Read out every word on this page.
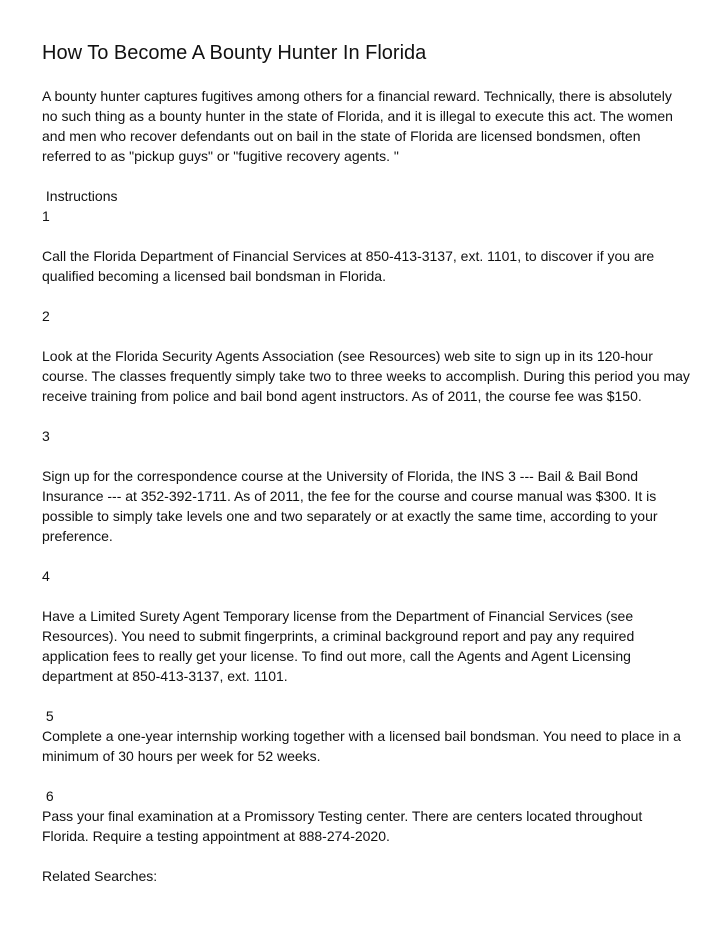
How To Become A Bounty Hunter In Florida

A bounty hunter captures fugitives among others for a financial reward. Technically, there is absolutely no such thing as a bounty hunter in the state of Florida, and it is illegal to execute this act. The women and men who recover defendants out on bail in the state of Florida are licensed bondsmen, often referred to as "pickup guys" or "fugitive recovery agents. "

Instructions
1

Call the Florida Department of Financial Services at 850-413-3137, ext. 1101, to discover if you are qualified becoming a licensed bail bondsman in Florida.

2

Look at the Florida Security Agents Association (see Resources) web site to sign up in its 120-hour course. The classes frequently simply take two to three weeks to accomplish. During this period you may receive training from police and bail bond agent instructors. As of 2011, the course fee was $150.

3

Sign up for the correspondence course at the University of Florida, the INS 3 --- Bail & Bail Bond Insurance --- at 352-392-1711. As of 2011, the fee for the course and course manual was $300. It is possible to simply take levels one and two separately or at exactly the same time, according to your preference.

4

Have a Limited Surety Agent Temporary license from the Department of Financial Services (see Resources). You need to submit fingerprints, a criminal background report and pay any required application fees to really get your license. To find out more, call the Agents and Agent Licensing department at 850-413-3137, ext. 1101.

5

Complete a one-year internship working together with a licensed bail bondsman. You need to place in a minimum of 30 hours per week for 52 weeks.

6

Pass your final examination at a Promissory Testing center. There are centers located throughout Florida. Require a testing appointment at 888-274-2020.

Related Searches:
